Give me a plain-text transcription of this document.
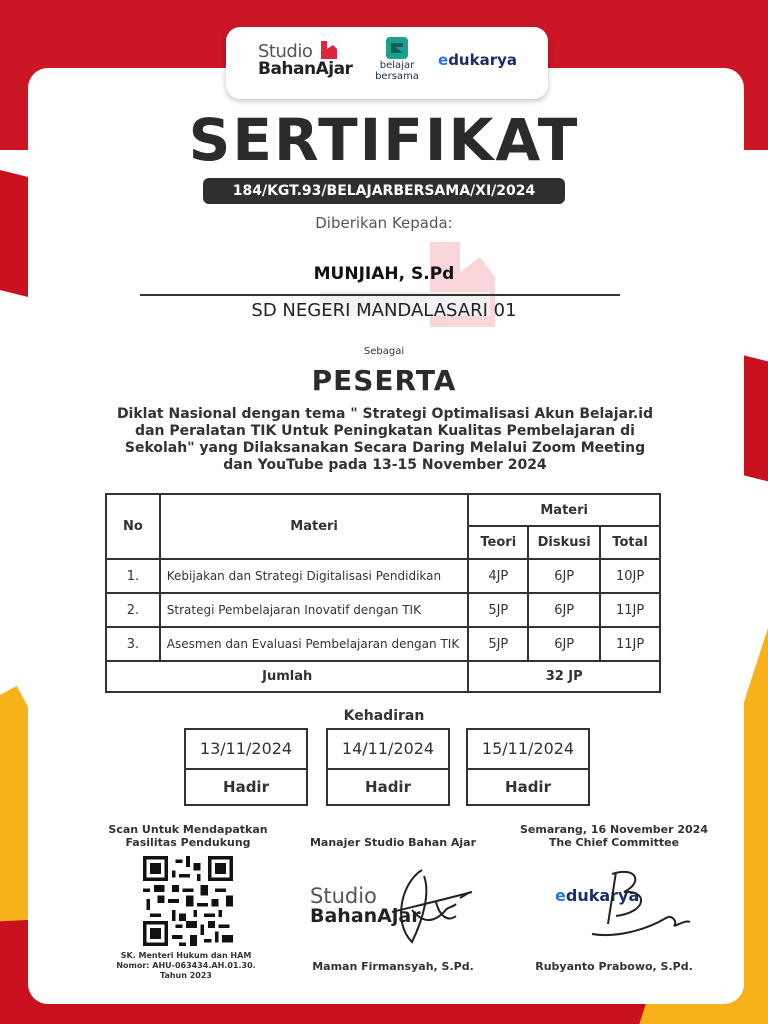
Studio
BahanAjar	belajar
bersama
edukarya
SERTIFIKAT
184/KGT.93/BELAJARBERSAMA/XI/2024
Diberikan Kepada:
MUNJIAH, S.Pd
SD NEGERI MANDALASARI 01
Sebagai
PESERTA
Diklat Nasional dengan tema " Strategi Optimalisasi Akun Belajar.id dan Peralatan TIK Untuk Peningkatan Kualitas Pembelajaran di Sekolah" yang Dilaksanakan Secara Daring Melalui Zoom Meeting dan YouTube pada 13-15 November 2024
No	Materi	Materi		
		Teori	Diskusi	Total
1.	Kebijakan dan Strategi Digitalisasi Pendidikan	4JP	6JP	10JP
2.	Strategi Pembelajaran Inovatif dengan TIK	5JP	6JP	11JP
3.	Asesmen dan Evaluasi Pembelajaran dengan TIK	5JP	6JP	11JP
Jumlah		32 JP		
Kehadiran
13/11/2024
Hadir
14/11/2024
Hadir
15/11/2024
Hadir
Scan Untuk Mendapatkan
Fasilitas Pendukung
SK. Menteri Hukum dan HAM
Nomor: AHU-063434.AH.01.30.
Tahun 2023
Manajer Studio Bahan Ajar
Studio
BahanAjar
Maman Firmansyah, S.Pd.
Semarang, 16 November 2024
The Chief Committee
edukarya
Rubyanto Prabowo, S.Pd.
